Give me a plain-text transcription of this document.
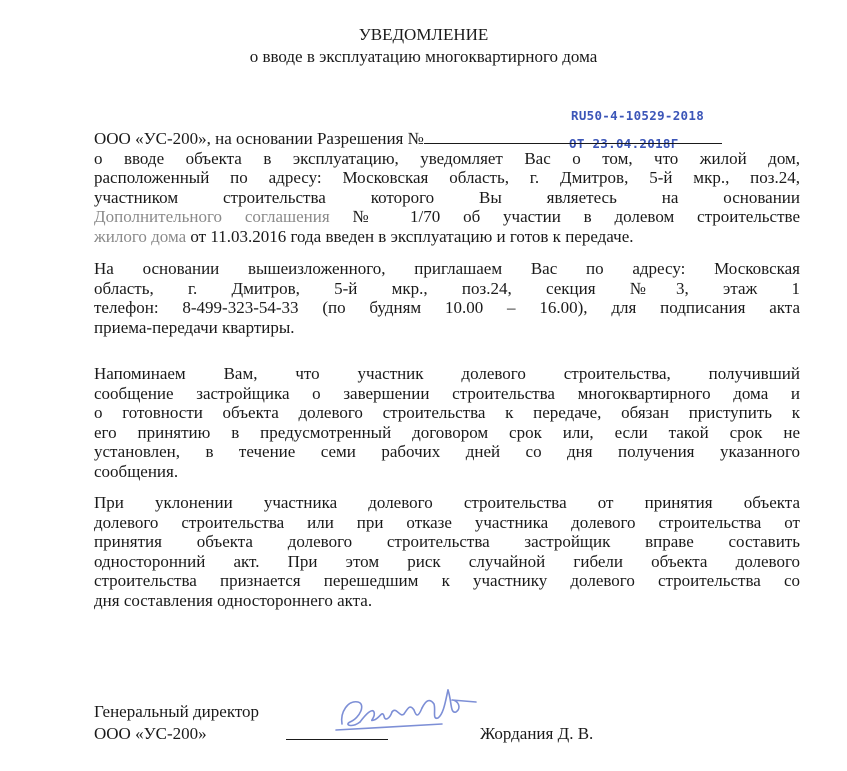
УВЕДОМЛЕНИЕ
о вводе в эксплуатацию многоквартирного дома
RU50-4-10529-2018
ОТ 23.04.2018Г
ООО «УС-200», на основании Разрешения №
о вводе объекта в эксплуатацию, уведомляет Вас о том, что жилой дом,
расположенный по адресу: Московская область, г. Дмитров, 5-й мкр., поз.24,
участником строительства которого Вы являетесь на основании
Дополнительного соглашения № 1/70 об участии в долевом строительстве
жилого дома от 11.03.2016 года введен в эксплуатацию и готов к передаче.
На основании вышеизложенного, приглашаем Вас по адресу: Московская
область, г. Дмитров, 5-й мкр., поз.24, секция №3, этаж 1
телефон: 8-499-323-54-33 (по будням 10.00 – 16.00), для подписания акта
приема-передачи квартиры.
Напоминаем Вам, что участник долевого строительства, получивший
сообщение застройщика о завершении строительства многоквартирного дома и
о готовности объекта долевого строительства к передаче, обязан приступить к
его принятию в предусмотренный договором срок или, если такой срок не
установлен, в течение семи рабочих дней со дня получения указанного
сообщения.
При уклонении участника долевого строительства от принятия объекта
долевого строительства или при отказе участника долевого строительства от
принятия объекта долевого строительства застройщик вправе составить
односторонний акт. При этом риск случайной гибели объекта долевого
строительства признается перешедшим к участнику долевого строительства со
дня составления одностороннего акта.
Генеральный директор
ООО «УС-200»	Жордания Д. В.
